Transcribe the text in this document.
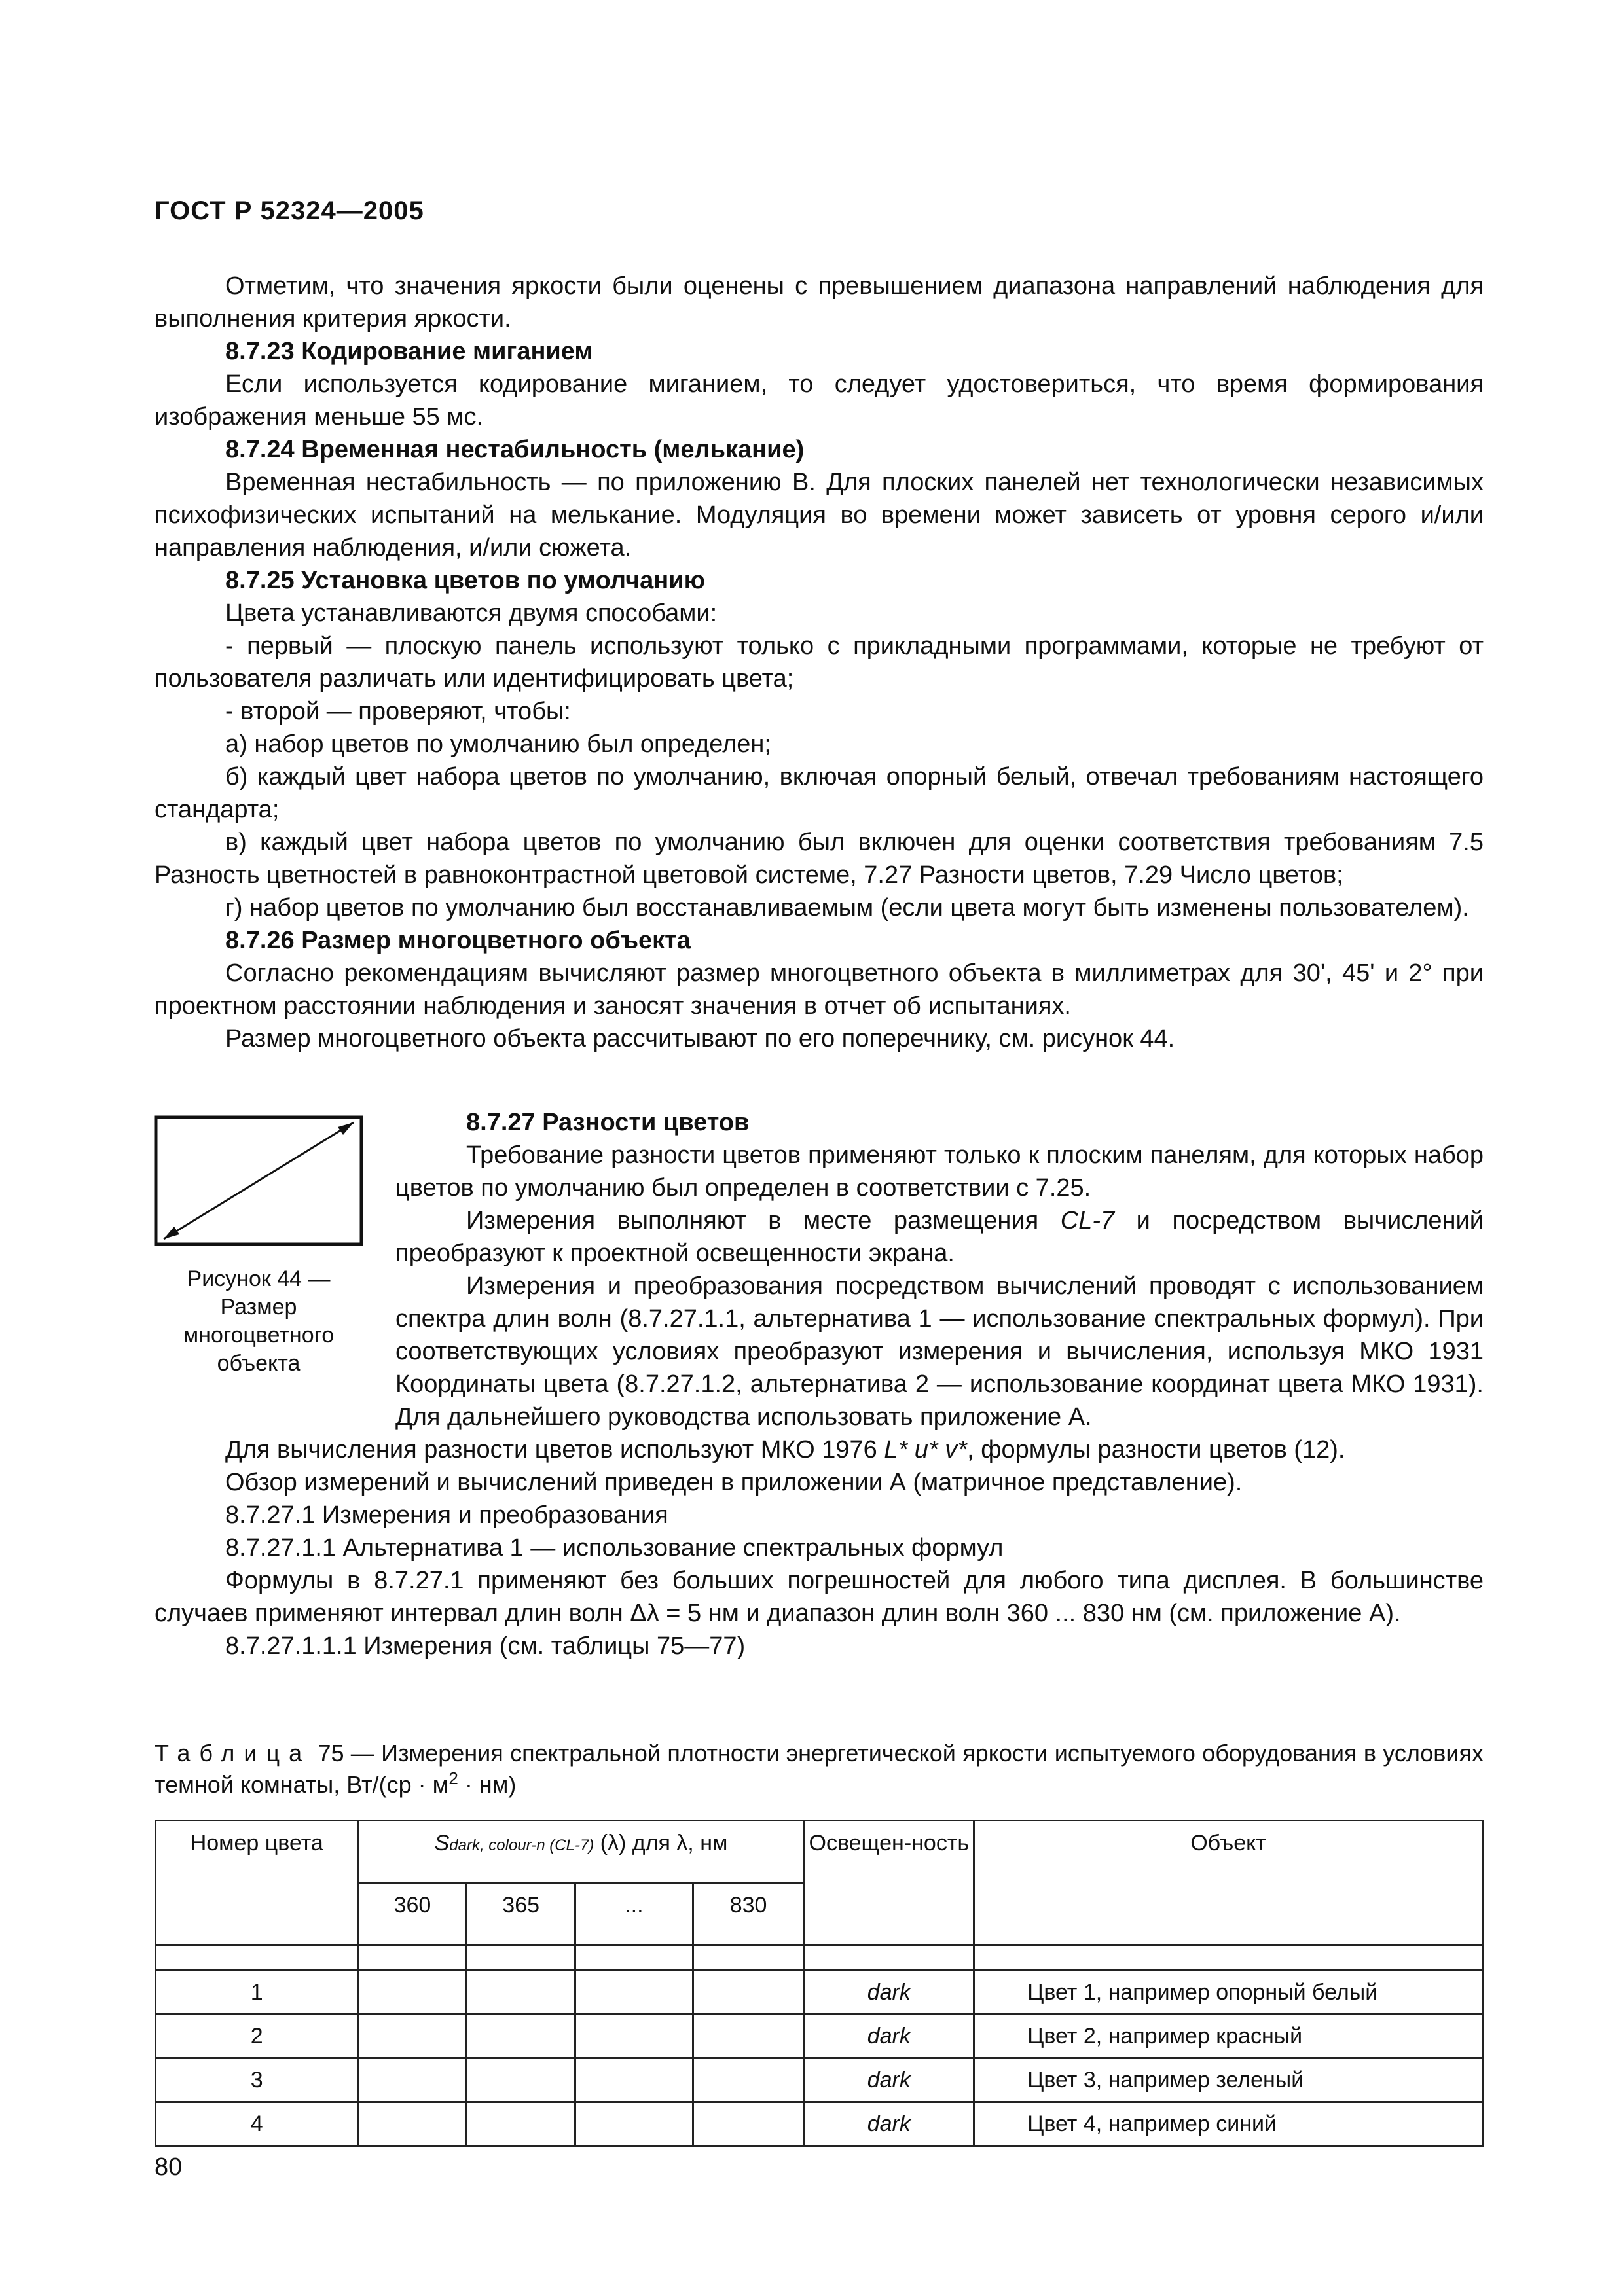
ГОСТ Р 52324—2005

Отметим, что значения яркости были оценены с превышением диапазона направлений наблюдения для выполнения критерия яркости.

8.7.23 Кодирование миганием

Если используется кодирование миганием, то следует удостовериться, что время формирования изображения меньше 55 мс.

8.7.24 Временная нестабильность (мелькание)

Временная нестабильность — по приложению В. Для плоских панелей нет технологически независимых психофизических испытаний на мелькание. Модуляция во времени может зависеть от уровня серого и/или направления наблюдения, и/или сюжета.

8.7.25 Установка цветов по умолчанию

Цвета устанавливаются двумя способами:

- первый — плоскую панель используют только с прикладными программами, которые не требуют от пользователя различать или идентифицировать цвета;

- второй — проверяют, чтобы:

а) набор цветов по умолчанию был определен;

б) каждый цвет набора цветов по умолчанию, включая опорный белый, отвечал требованиям настоящего стандарта;

в) каждый цвет набора цветов по умолчанию был включен для оценки соответствия требованиям 7.5 Разность цветностей в равноконтрастной цветовой системе, 7.27 Разности цветов, 7.29 Число цветов;

г) набор цветов по умолчанию был восстанавливаемым (если цвета могут быть изменены пользователем).

8.7.26 Размер многоцветного объекта

Согласно рекомендациям вычисляют размер многоцветного объекта в миллиметрах для 30', 45' и 2° при проектном расстоянии наблюдения и заносят значения в отчет об испытаниях.

Размер многоцветного объекта рассчитывают по его поперечнику, см. рисунок 44.

Рисунок 44 — Размер многоцветного объекта

8.7.27 Разности цветов

Требование разности цветов применяют только к плоским панелям, для которых набор цветов по умолчанию был определен в соответствии с 7.25.

Измерения выполняют в месте размещения CL-7 и посредством вычислений преобразуют к проектной освещенности экрана.

Измерения и преобразования посредством вычислений проводят с использованием спектра длин волн (8.7.27.1.1, альтернатива 1 — использование спектральных формул). При соответствующих условиях преобразуют измерения и вычисления, используя МКО 1931 Координаты цвета (8.7.27.1.2, альтернатива 2 — использование координат цвета МКО 1931). Для дальнейшего руководства использовать приложение А.

Для вычисления разности цветов используют МКО 1976 L* u* v*, формулы разности цветов (12).

Обзор измерений и вычислений приведен в приложении А (матричное представление).

8.7.27.1 Измерения и преобразования

8.7.27.1.1 Альтернатива 1 — использование спектральных формул

Формулы в 8.7.27.1 применяют без больших погрешностей для любого типа дисплея. В большинстве случаев применяют интервал длин волн Δλ = 5 нм и диапазон длин волн 360 ... 830 нм (см. приложение А).

8.7.27.1.1.1 Измерения (см. таблицы 75—77)

Таблица 75 — Измерения спектральной плотности энергетической яркости испытуемого оборудования в условиях темной комнаты, $Вт/(ср \cdot м^2 \cdot нм)$
Номер цвета	Sdark, colour-n (CL-7) (λ) для λ, нм				Освещен-ность	Объект
	360	365	...	830		

1					dark	Цвет 1, например опорный белый
2					dark	Цвет 2, например красный
3					dark	Цвет 3, например зеленый
4					dark	Цвет 4, например синий
80
